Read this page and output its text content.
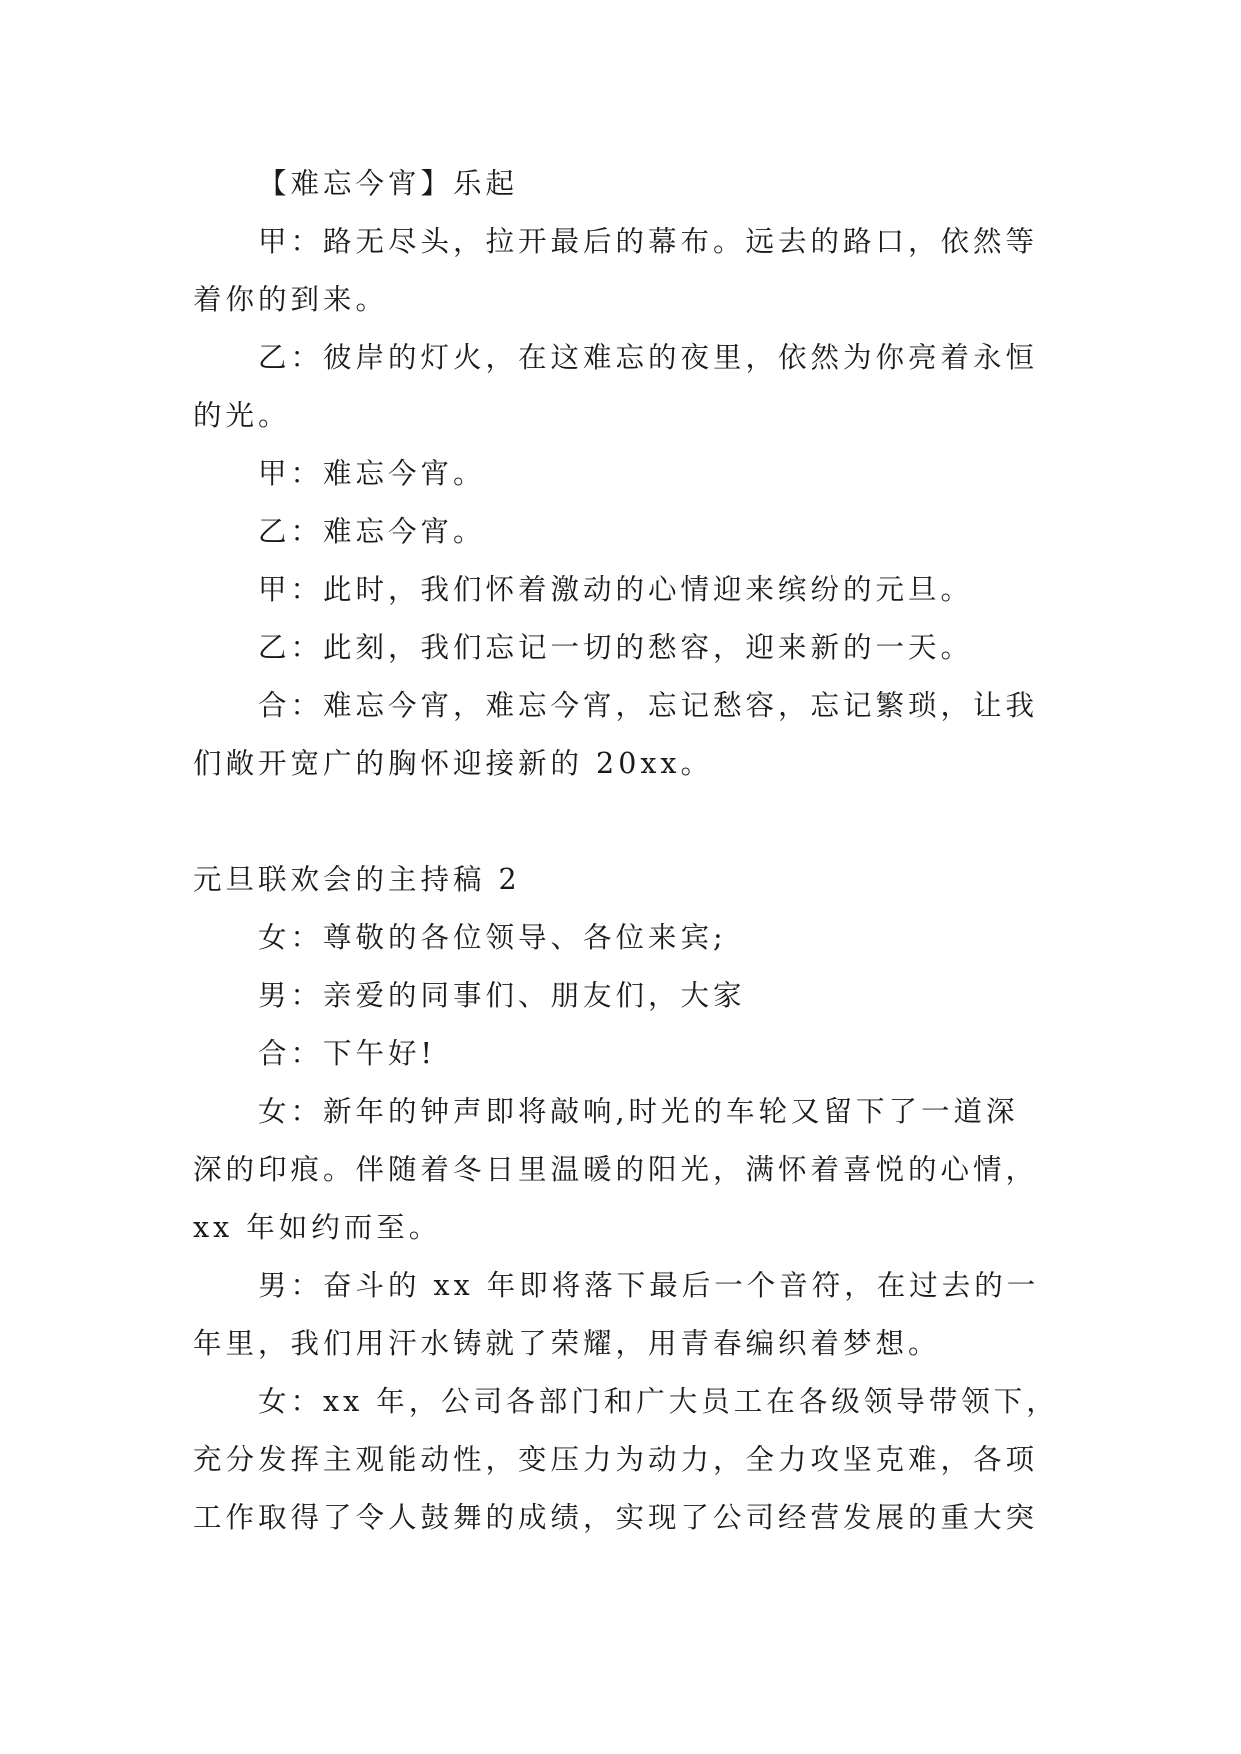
【难忘今宵】乐起
甲：路无尽头，拉开最后的幕布。远去的路口，依然等
着你的到来。
乙：彼岸的灯火，在这难忘的夜里，依然为你亮着永恒
的光。
甲：难忘今宵。
乙：难忘今宵。
甲：此时，我们怀着激动的心情迎来缤纷的元旦。
乙：此刻，我们忘记一切的愁容，迎来新的一天。
合：难忘今宵，难忘今宵，忘记愁容，忘记繁琐，让我
们敞开宽广的胸怀迎接新的 20xx。
元旦联欢会的主持稿 2
女：尊敬的各位领导、各位来宾;
男：亲爱的同事们、朋友们，大家
合：下午好!
女：新年的钟声即将敲响,时光的车轮又留下了一道深
深的印痕。伴随着冬日里温暖的阳光，满怀着喜悦的心情，
xx 年如约而至。
男：奋斗的 xx 年即将落下最后一个音符，在过去的一
年里，我们用汗水铸就了荣耀，用青春编织着梦想。
女：xx 年，公司各部门和广大员工在各级领导带领下，
充分发挥主观能动性，变压力为动力，全力攻坚克难，各项
工作取得了令人鼓舞的成绩，实现了公司经营发展的重大突
